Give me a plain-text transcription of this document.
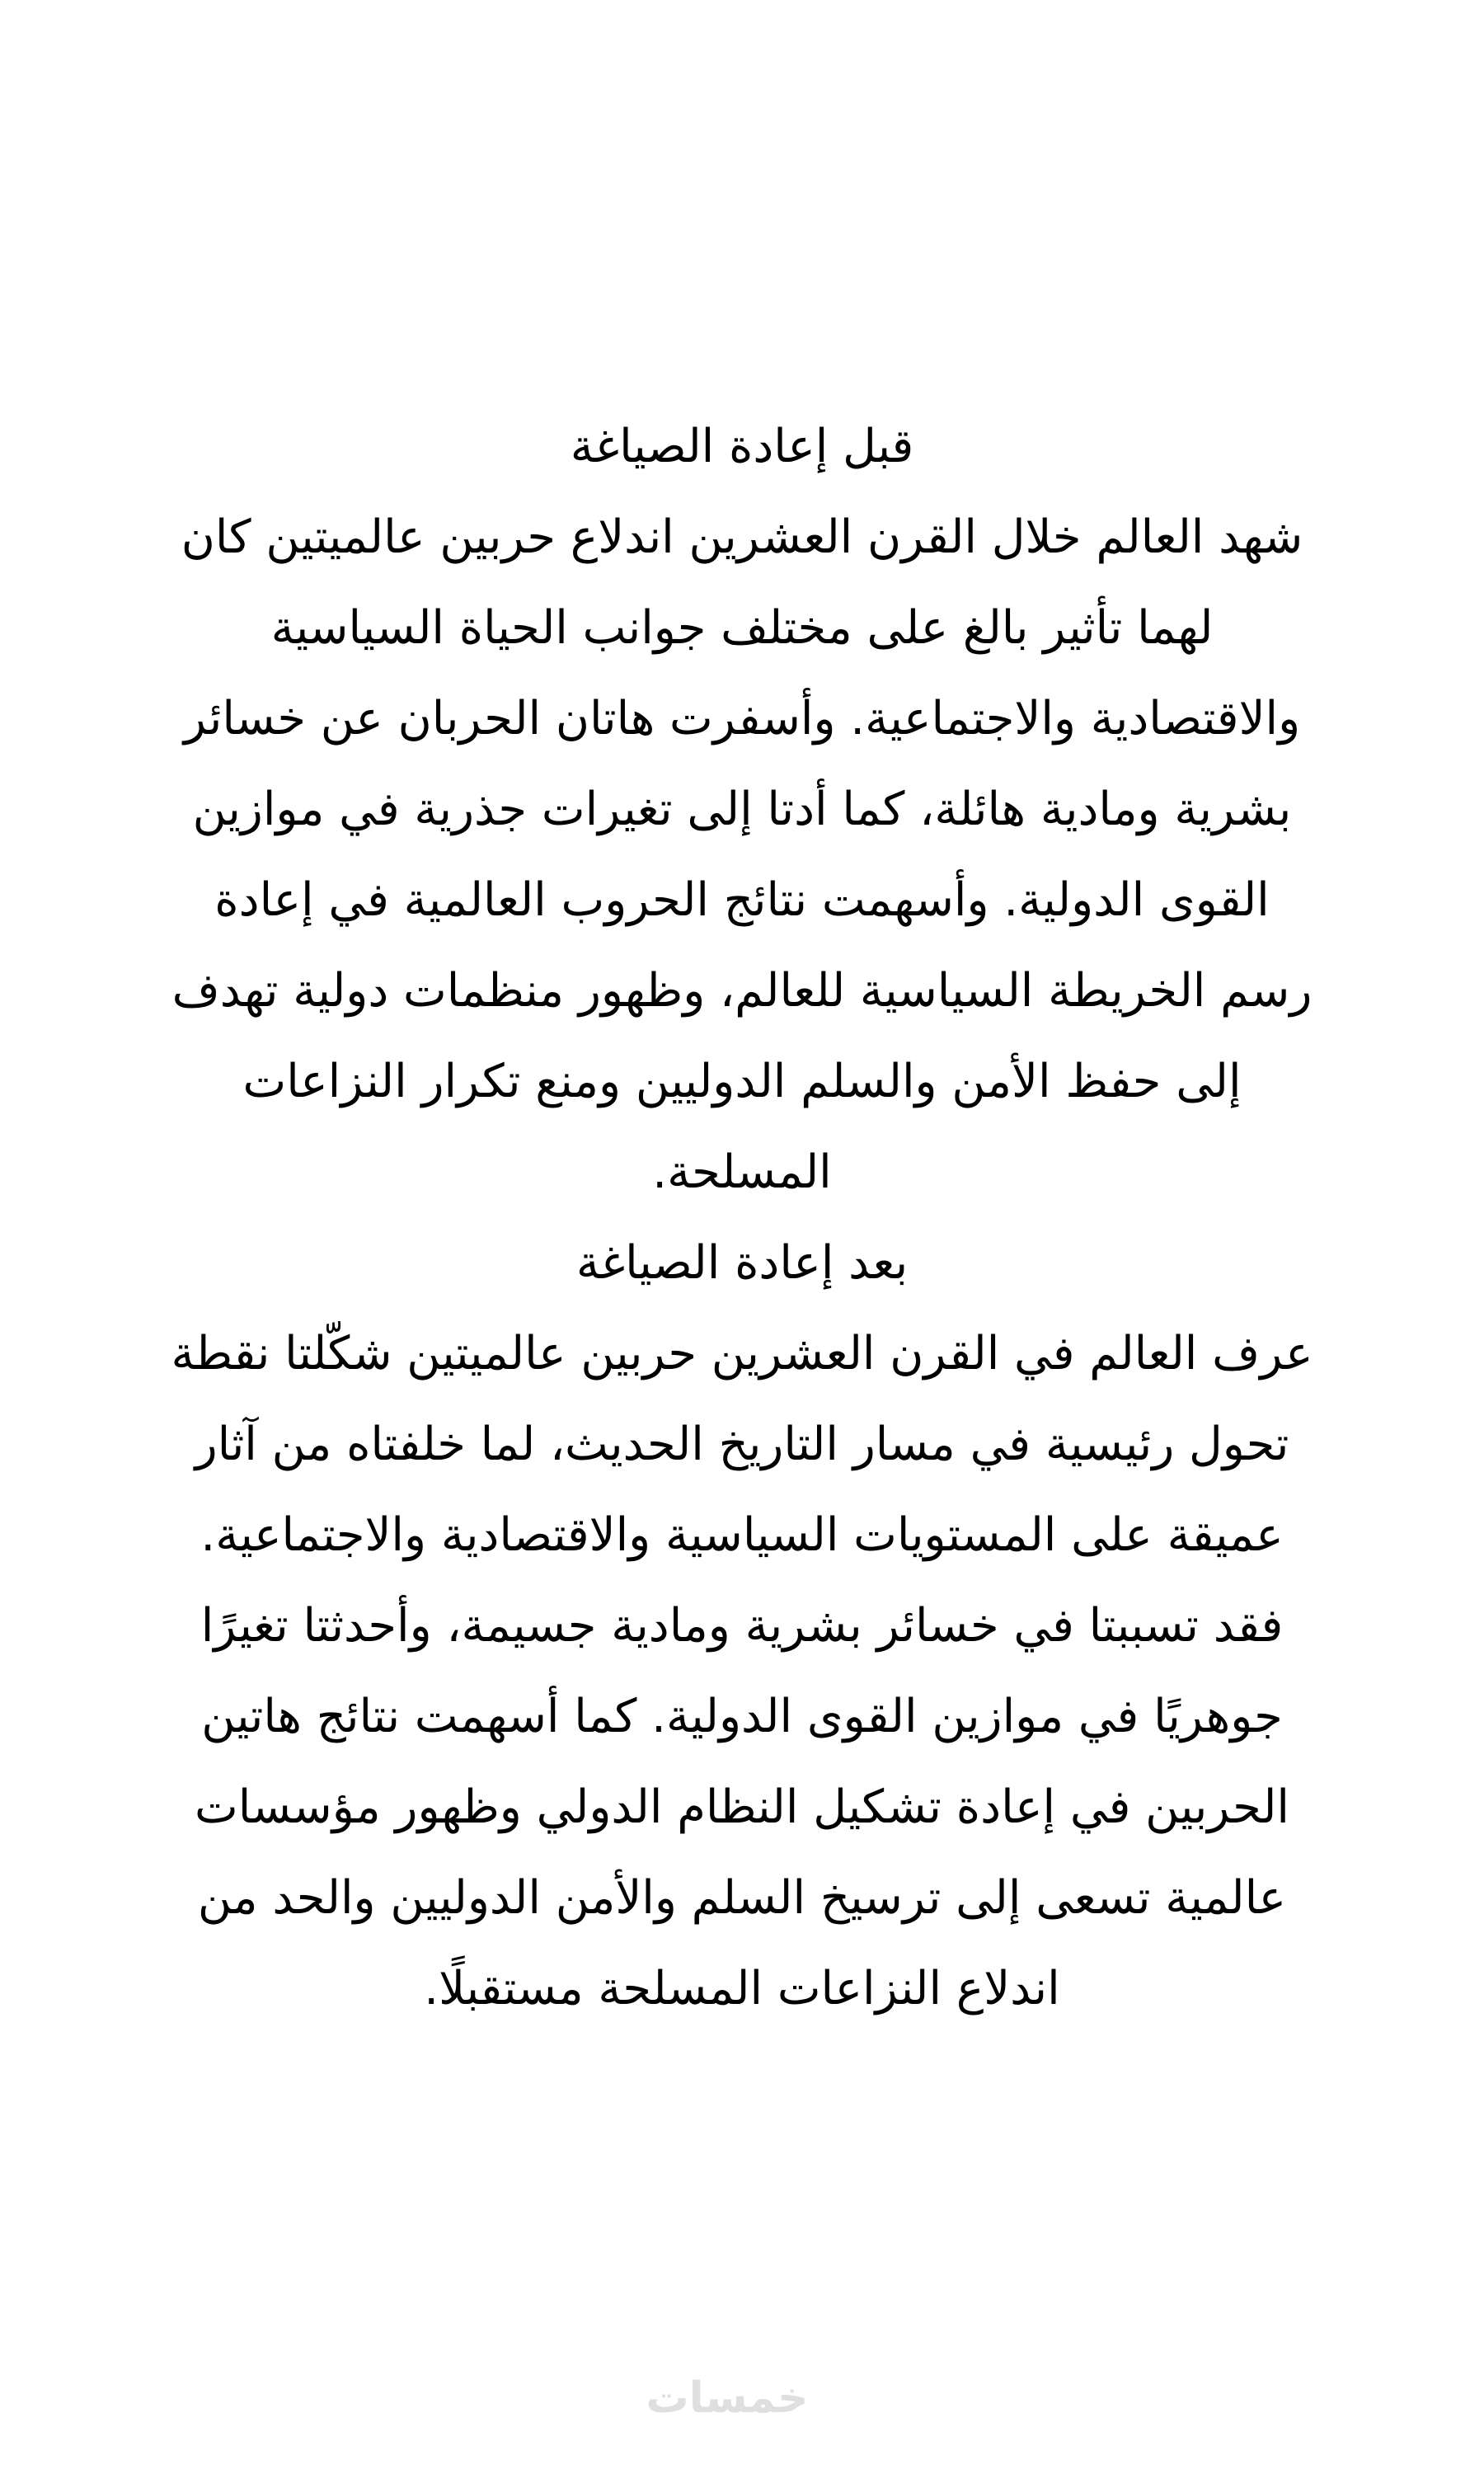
قبل إعادة الصياغة
شهد العالم خلال القرن العشرين اندلاع حربين عالميتين كان
لهما تأثير بالغ على مختلف جوانب الحياة السياسية
والاقتصادية والاجتماعية. وأسفرت هاتان الحربان عن خسائر
بشرية ومادية هائلة، كما أدتا إلى تغيرات جذرية في موازين
القوى الدولية. وأسهمت نتائج الحروب العالمية في إعادة
رسم الخريطة السياسية للعالم، وظهور منظمات دولية تهدف
إلى حفظ الأمن والسلم الدوليين ومنع تكرار النزاعات
المسلحة.
بعد إعادة الصياغة
عرف العالم في القرن العشرين حربين عالميتين شكّلتا نقطة
تحول رئيسية في مسار التاريخ الحديث، لما خلفتاه من آثار
عميقة على المستويات السياسية والاقتصادية والاجتماعية.
فقد تسببتا في خسائر بشرية ومادية جسيمة، وأحدثتا تغيرًا
جوهريًا في موازين القوى الدولية. كما أسهمت نتائج هاتين
الحربين في إعادة تشكيل النظام الدولي وظهور مؤسسات
عالمية تسعى إلى ترسيخ السلم والأمن الدوليين والحد من
اندلاع النزاعات المسلحة مستقبلًا.
خمسات
